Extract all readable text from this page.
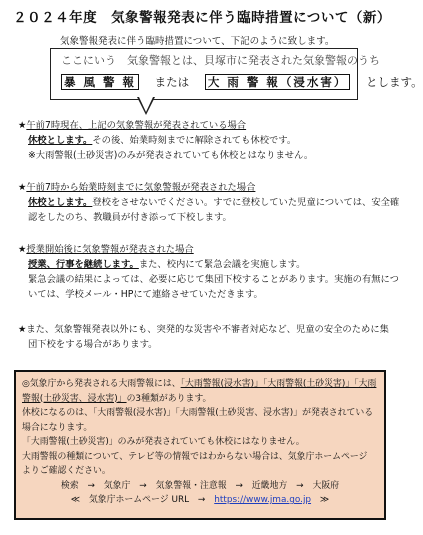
２０２４年度　気象警報発表に伴う臨時措置について（新）
気象警報発表に伴う臨時措置について、下記のように致します。
ここにいう　気象警報とは、貝塚市に発表された気象警報のうち
暴 風 警 報 または 大 雨 警 報（浸水害） とします。
★午前7時現在、上記の気象警報が発表されている場合
休校とします。その後、始業時刻までに解除されても休校です。
※大雨警報(土砂災害)のみが発表されていても休校とはなりません。
★午前7時から始業時刻までに気象警報が発表された場合
休校とします。登校をさせないでください。すでに登校していた児童については、安全確
認をしたのち、教職員が付き添って下校します。
★授業開始後に気象警報が発表された場合
授業、行事を継続します。また、校内にて緊急会議を実施します。
緊急会議の結果によっては、必要に応じて集団下校することがあります。実施の有無につ
いては、学校メール・HPにて連絡させていただきます。
★また、気象警報発表以外にも、突発的な災害や不審者対応など、児童の安全のために集
団下校をする場合があります。
◎気象庁から発表される大雨警報には、「大雨警報(浸水害)」「大雨警報(土砂災害)」「大雨
警報(土砂災害、浸水害)」の3種類があります。
休校になるのは、「大雨警報(浸水害)」「大雨警報(土砂災害、浸水害)」が発表されている
場合になります。
「大雨警報(土砂災害)」のみが発表されていても休校にはなりません。
大雨警報の種類について、テレビ等の情報ではわからない場合は、気象庁ホームページ
よりご確認ください。
検索　→　気象庁　→　気象警報・注意報　→　近畿地方　→　大阪府
≪　気象庁ホームページ URL　→　https://www.jma.go.jp　≫
